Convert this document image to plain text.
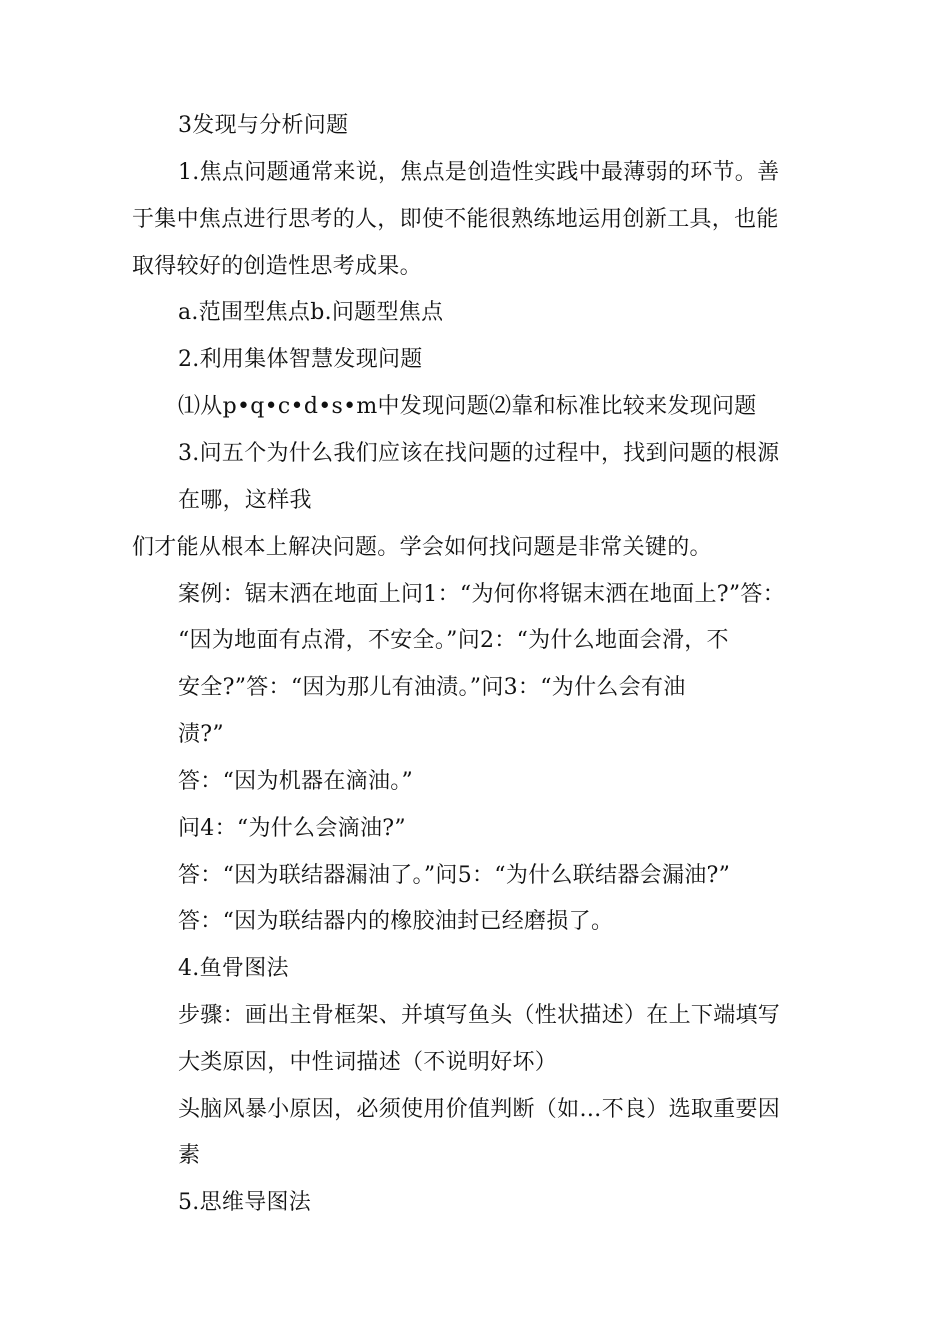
3发现与分析问题
1.焦点问题通常来说，焦点是创造性实践中最薄弱的环节。善
于集中焦点进行思考的人，即使不能很熟练地运用创新工具，也能
取得较好的创造性思考成果。
a.范围型焦点b.问题型焦点
2.利用集体智慧发现问题
⑴从p•q•c•d•s•m中发现问题⑵靠和标准比较来发现问题
3.问五个为什么我们应该在找问题的过程中，找到问题的根源
在哪，这样我
们才能从根本上解决问题。学会如何找问题是非常关键的。
案例：锯末洒在地面上问1：“为何你将锯末洒在地面上?”答：
“因为地面有点滑，不安全。”问2：“为什么地面会滑，不
安全?”答：“因为那儿有油渍。”问3：“为什么会有油
渍?”
答：“因为机器在滴油。”
问4：“为什么会滴油?”
答：“因为联结器漏油了。”问5：“为什么联结器会漏油?”
答：“因为联结器内的橡胶油封已经磨损了。
4.鱼骨图法
步骤：画出主骨框架、并填写鱼头（性状描述）在上下端填写
大类原因，中性词描述（不说明好坏）
头脑风暴小原因，必须使用价值判断（如…不良）选取重要因
素
5.思维导图法
